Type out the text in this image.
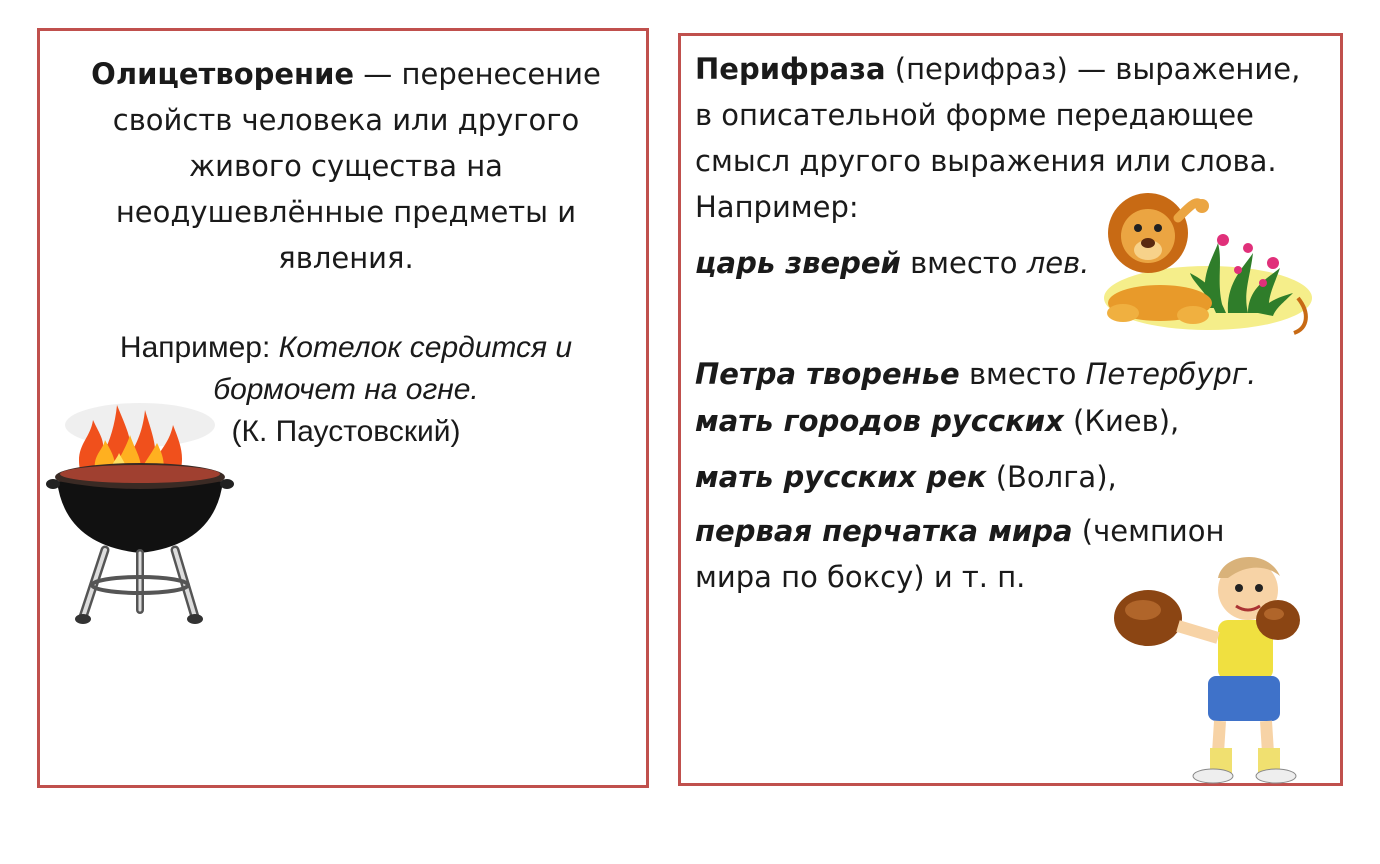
Олицетворение — перенесение свойств человека или другого живого существа на неодушевлённые предметы и явления.

Например: Котелок сердится и бормочет на огне.
(К. Паустовский)

Перифраза (перифраз) — выражение, в описательной форме передающее смысл другого выражения или слова.
Например:

царь зверей вместо лев.

Петра творенье вместо Петербург.

мать городов русских (Киев),

мать русских рек (Волга),

первая перчатка мира (чемпион мира по боксу) и т. п.
